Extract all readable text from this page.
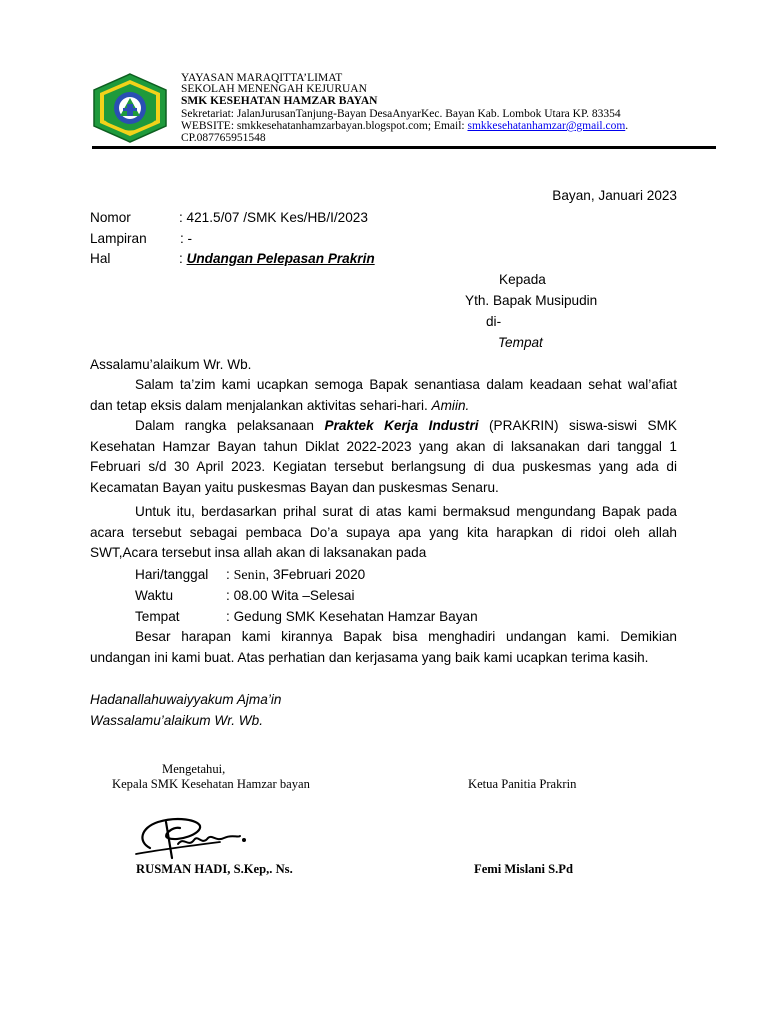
YAYASAN MARAQITTA’LIMAT
SEKOLAH MENENGAH KEJURUAN
SMK KESEHATAN HAMZAR BAYAN
Sekretariat: JalanJurusanTanjung-Bayan DesaAnyarKec. Bayan Kab. Lombok Utara KP. 83354
WEBSITE: smkkesehatanhamzarbayan.blogspot.com; Email: smkkesehatanhamzar@gmail.com.
CP.087765951548
Bayan, Januari 2023
Nomor	: 421.5/07 /SMK Kes/HB/I/2023
Lampiran : -
Hal	: Undangan Pelepasan Prakrin
Kepada
Yth. Bapak Musipudin
di-
Tempat
Assalamu’alaikum Wr. Wb.
Salam ta’zim kami ucapkan semoga Bapak senantiasa dalam keadaan sehat wal’afiat dan tetap eksis dalam menjalankan aktivitas sehari-hari. Amiin.
Dalam rangka pelaksanaan Praktek Kerja Industri (PRAKRIN) siswa-siswi SMK Kesehatan Hamzar Bayan tahun Diklat 2022-2023 yang akan di laksanakan dari tanggal 1 Februari s/d 30 April 2023. Kegiatan tersebut berlangsung di dua puskesmas yang ada di Kecamatan Bayan yaitu puskesmas Bayan dan puskesmas Senaru.
Untuk itu, berdasarkan prihal surat di atas kami bermaksud mengundang Bapak pada acara tersebut sebagai pembaca Do’a supaya apa yang kita harapkan di ridoi oleh allah SWT,Acara tersebut insa allah akan di laksanakan pada
Hari/tanggal : Senin, 3Februari 2020
Waktu	: 08.00 Wita –Selesai
Tempat	: Gedung SMK Kesehatan Hamzar Bayan
Besar harapan kami kirannya Bapak bisa menghadiri undangan kami. Demikian undangan ini kami buat. Atas perhatian dan kerjasama yang baik kami ucapkan terima kasih.
Hadanallahuwaiyyakum Ajma’in
Wassalamu’alaikum Wr. Wb.
Mengetahui,
Kepala SMK Kesehatan Hamzar bayan	Ketua Panitia Prakrin
RUSMAN HADI, S.Kep,. Ns.	Femi Mislani S.Pd
